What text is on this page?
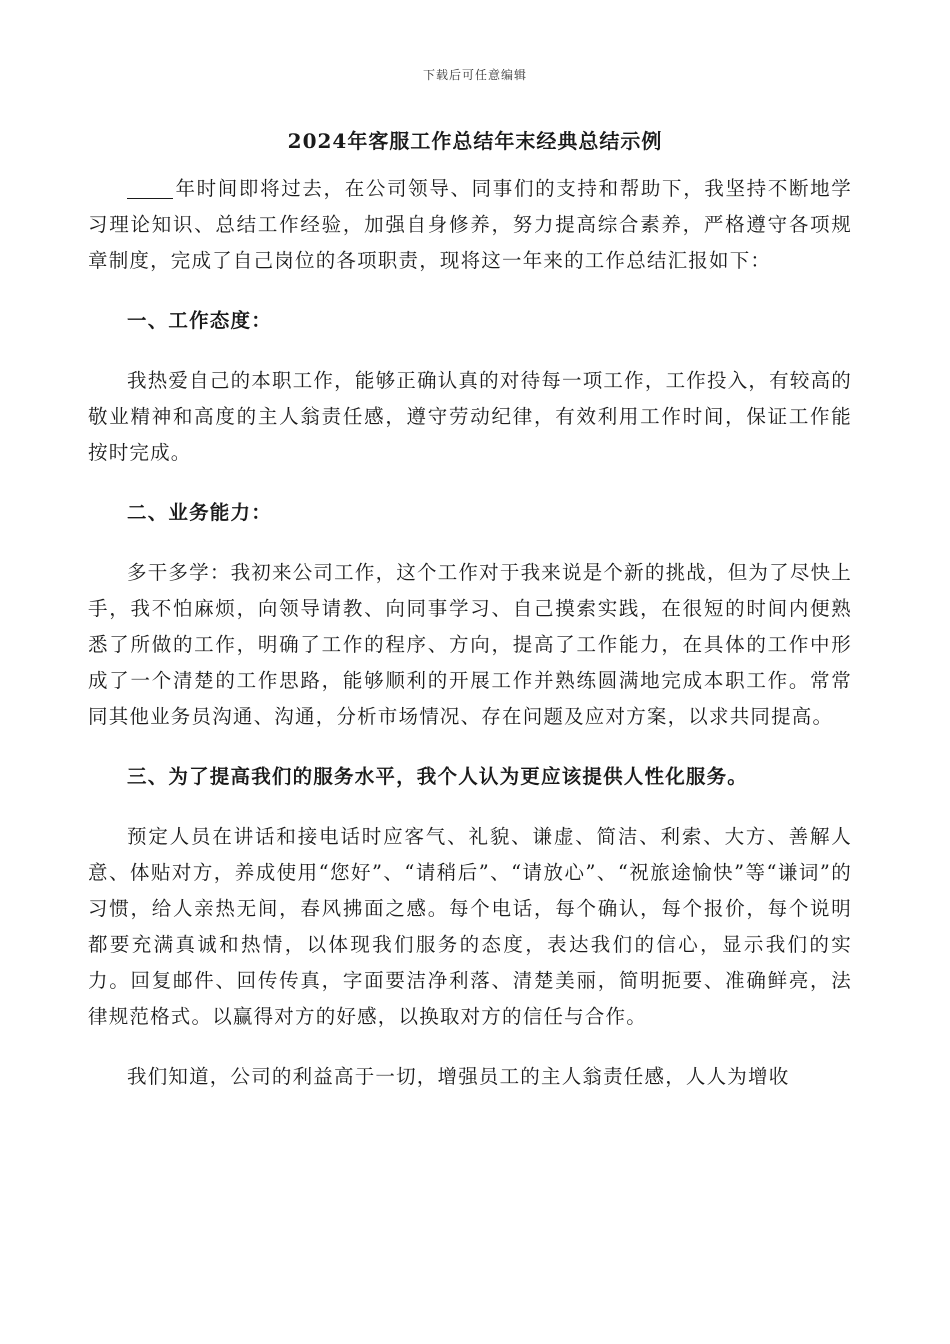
下载后可任意编辑
2024年客服工作总结年末经典总结示例

年时间即将过去，在公司领导、同事们的支持和帮助下，我坚持不断地学习理论知识、总结工作经验，加强自身修养，努力提高综合素养，严格遵守各项规章制度，完成了自己岗位的各项职责，现将这一年来的工作总结汇报如下：

一、工作态度：

我热爱自己的本职工作，能够正确认真的对待每一项工作，工作投入，有较高的敬业精神和高度的主人翁责任感，遵守劳动纪律，有效利用工作时间，保证工作能按时完成。

二、业务能力：

多干多学：我初来公司工作，这个工作对于我来说是个新的挑战，但为了尽快上手，我不怕麻烦，向领导请教、向同事学习、自己摸索实践，在很短的时间内便熟悉了所做的工作，明确了工作的程序、方向，提高了工作能力，在具体的工作中形成了一个清楚的工作思路，能够顺利的开展工作并熟练圆满地完成本职工作。常常同其他业务员沟通、沟通，分析市场情况、存在问题及应对方案，以求共同提高。

三、为了提高我们的服务水平，我个人认为更应该提供人性化服务。

预定人员在讲话和接电话时应客气、礼貌、谦虚、简洁、利索、大方、善解人意、体贴对方，养成使用“您好”、“请稍后”、“请放心”、“祝旅途愉快”等“谦词”的习惯，给人亲热无间，春风拂面之感。每个电话，每个确认，每个报价，每个说明都要充满真诚和热情，以体现我们服务的态度，表达我们的信心，显示我们的实力。回复邮件、回传传真，字面要洁净利落、清楚美丽，简明扼要、准确鲜亮，法律规范格式。以赢得对方的好感，以换取对方的信任与合作。

我们知道，公司的利益高于一切，增强员工的主人翁责任感，人人为增收
